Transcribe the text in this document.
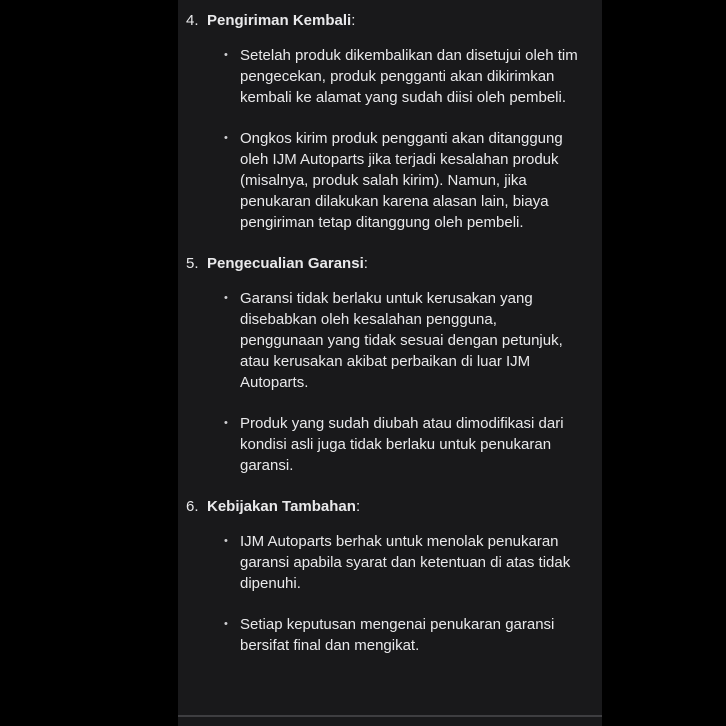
4. Pengiriman Kembali:
• Setelah produk dikembalikan dan disetujui oleh tim pengecekan, produk pengganti akan dikirimkan kembali ke alamat yang sudah diisi oleh pembeli.

• Ongkos kirim produk pengganti akan ditanggung oleh IJM Autoparts jika terjadi kesalahan produk (misalnya, produk salah kirim). Namun, jika penukaran dilakukan karena alasan lain, biaya pengiriman tetap ditanggung oleh pembeli.

5. Pengecualian Garansi:
• Garansi tidak berlaku untuk kerusakan yang disebabkan oleh kesalahan pengguna, penggunaan yang tidak sesuai dengan petunjuk, atau kerusakan akibat perbaikan di luar IJM Autoparts.

• Produk yang sudah diubah atau dimodifikasi dari kondisi asli juga tidak berlaku untuk penukaran garansi.

6. Kebijakan Tambahan:
• IJM Autoparts berhak untuk menolak penukaran garansi apabila syarat dan ketentuan di atas tidak dipenuhi.

• Setiap keputusan mengenai penukaran garansi bersifat final dan mengikat.
